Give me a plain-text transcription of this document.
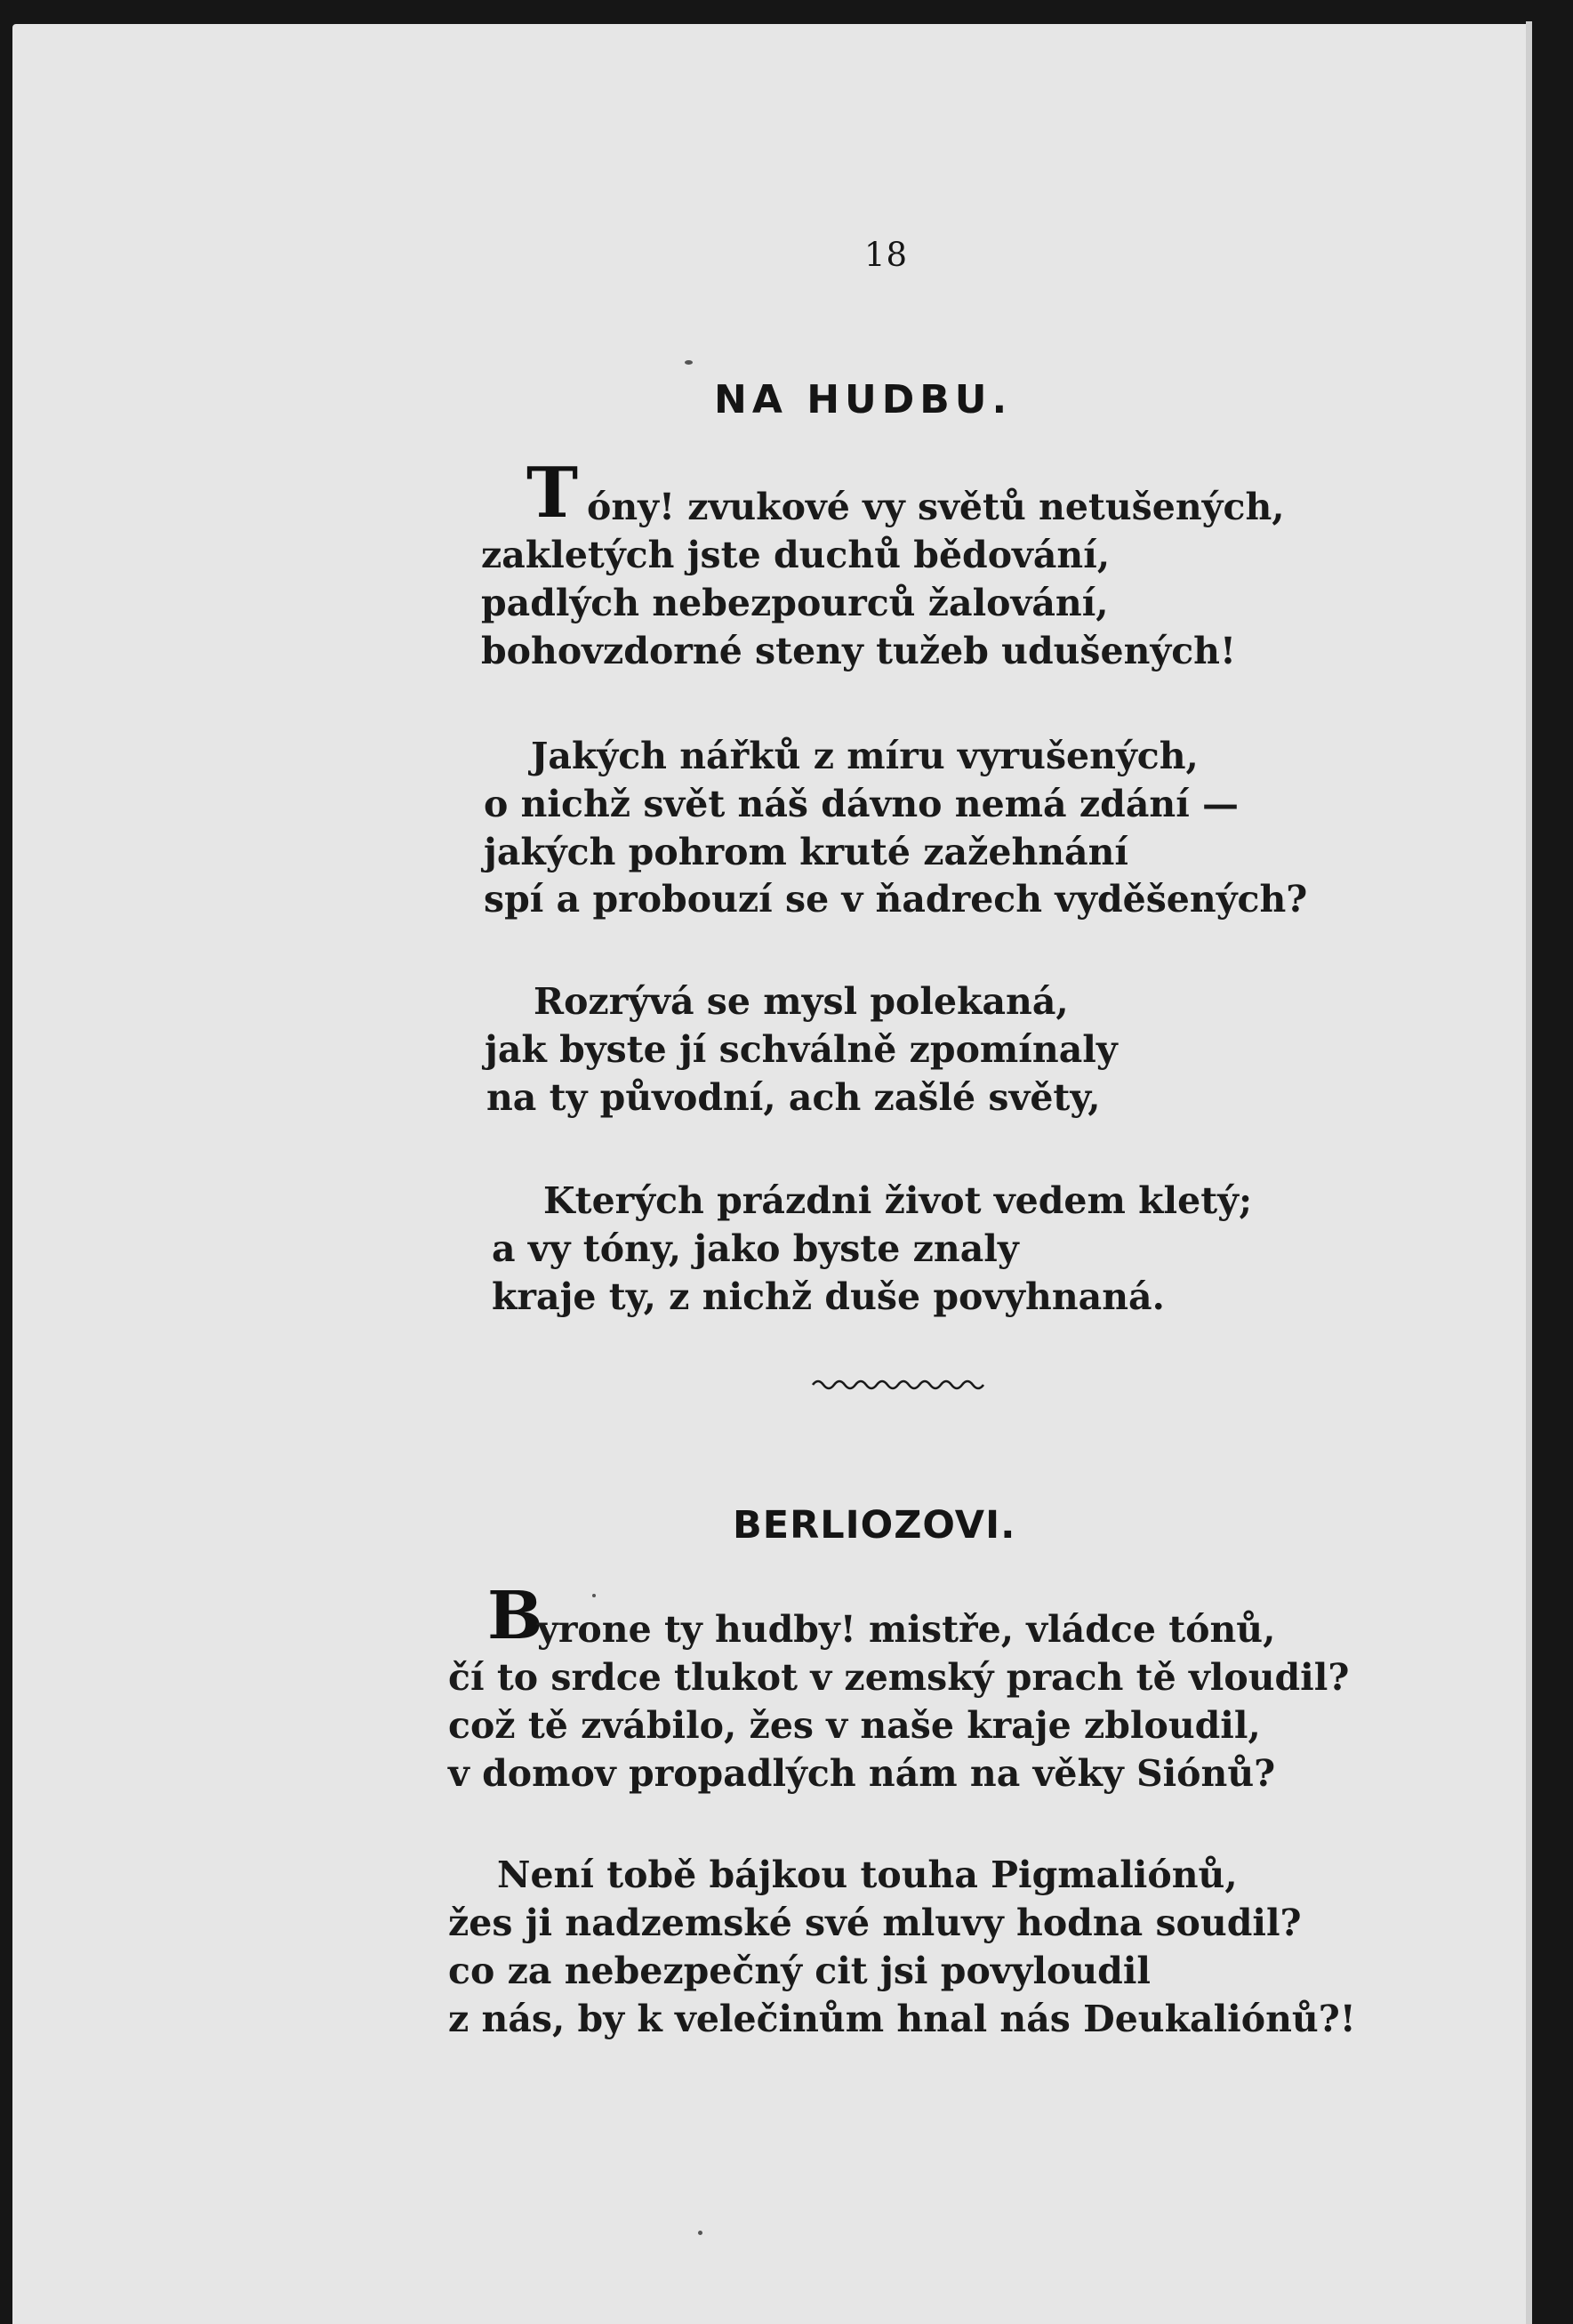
18
NA HUDBU.
T óny! zvukové vy světů netušených,
zakletých jste duchů bědování,
padlých nebezpourců žalování,
bohovzdorné steny tužeb udušených!
Jakých nářků z míru vyrušených,
o nichž svět náš dávno nemá zdání —
jakých pohrom kruté zažehnání
spí a probouzí se v ňadrech vyděšených?
Rozrývá se mysl polekaná,
jak byste jí schválně zpomínaly
na ty původní, ach zašlé světy,
Kterých prázdni život vedem kletý;
a vy tóny, jako byste znaly
kraje ty, z nichž duše povyhnaná.
BERLIOZOVI.
B
yrone ty hudby! mistře, vládce tónů,
čí to srdce tlukot v zemský prach tě vloudil?
což tě zvábilo, žes v naše kraje zbloudil,
v domov propadlých nám na věky Siónů?
Není tobě bájkou touha Pigmaliónů,
žes ji nadzemské své mluvy hodna soudil?
co za nebezpečný cit jsi povyloudil
z nás, by k velečinům hnal nás Deukaliónů?!
